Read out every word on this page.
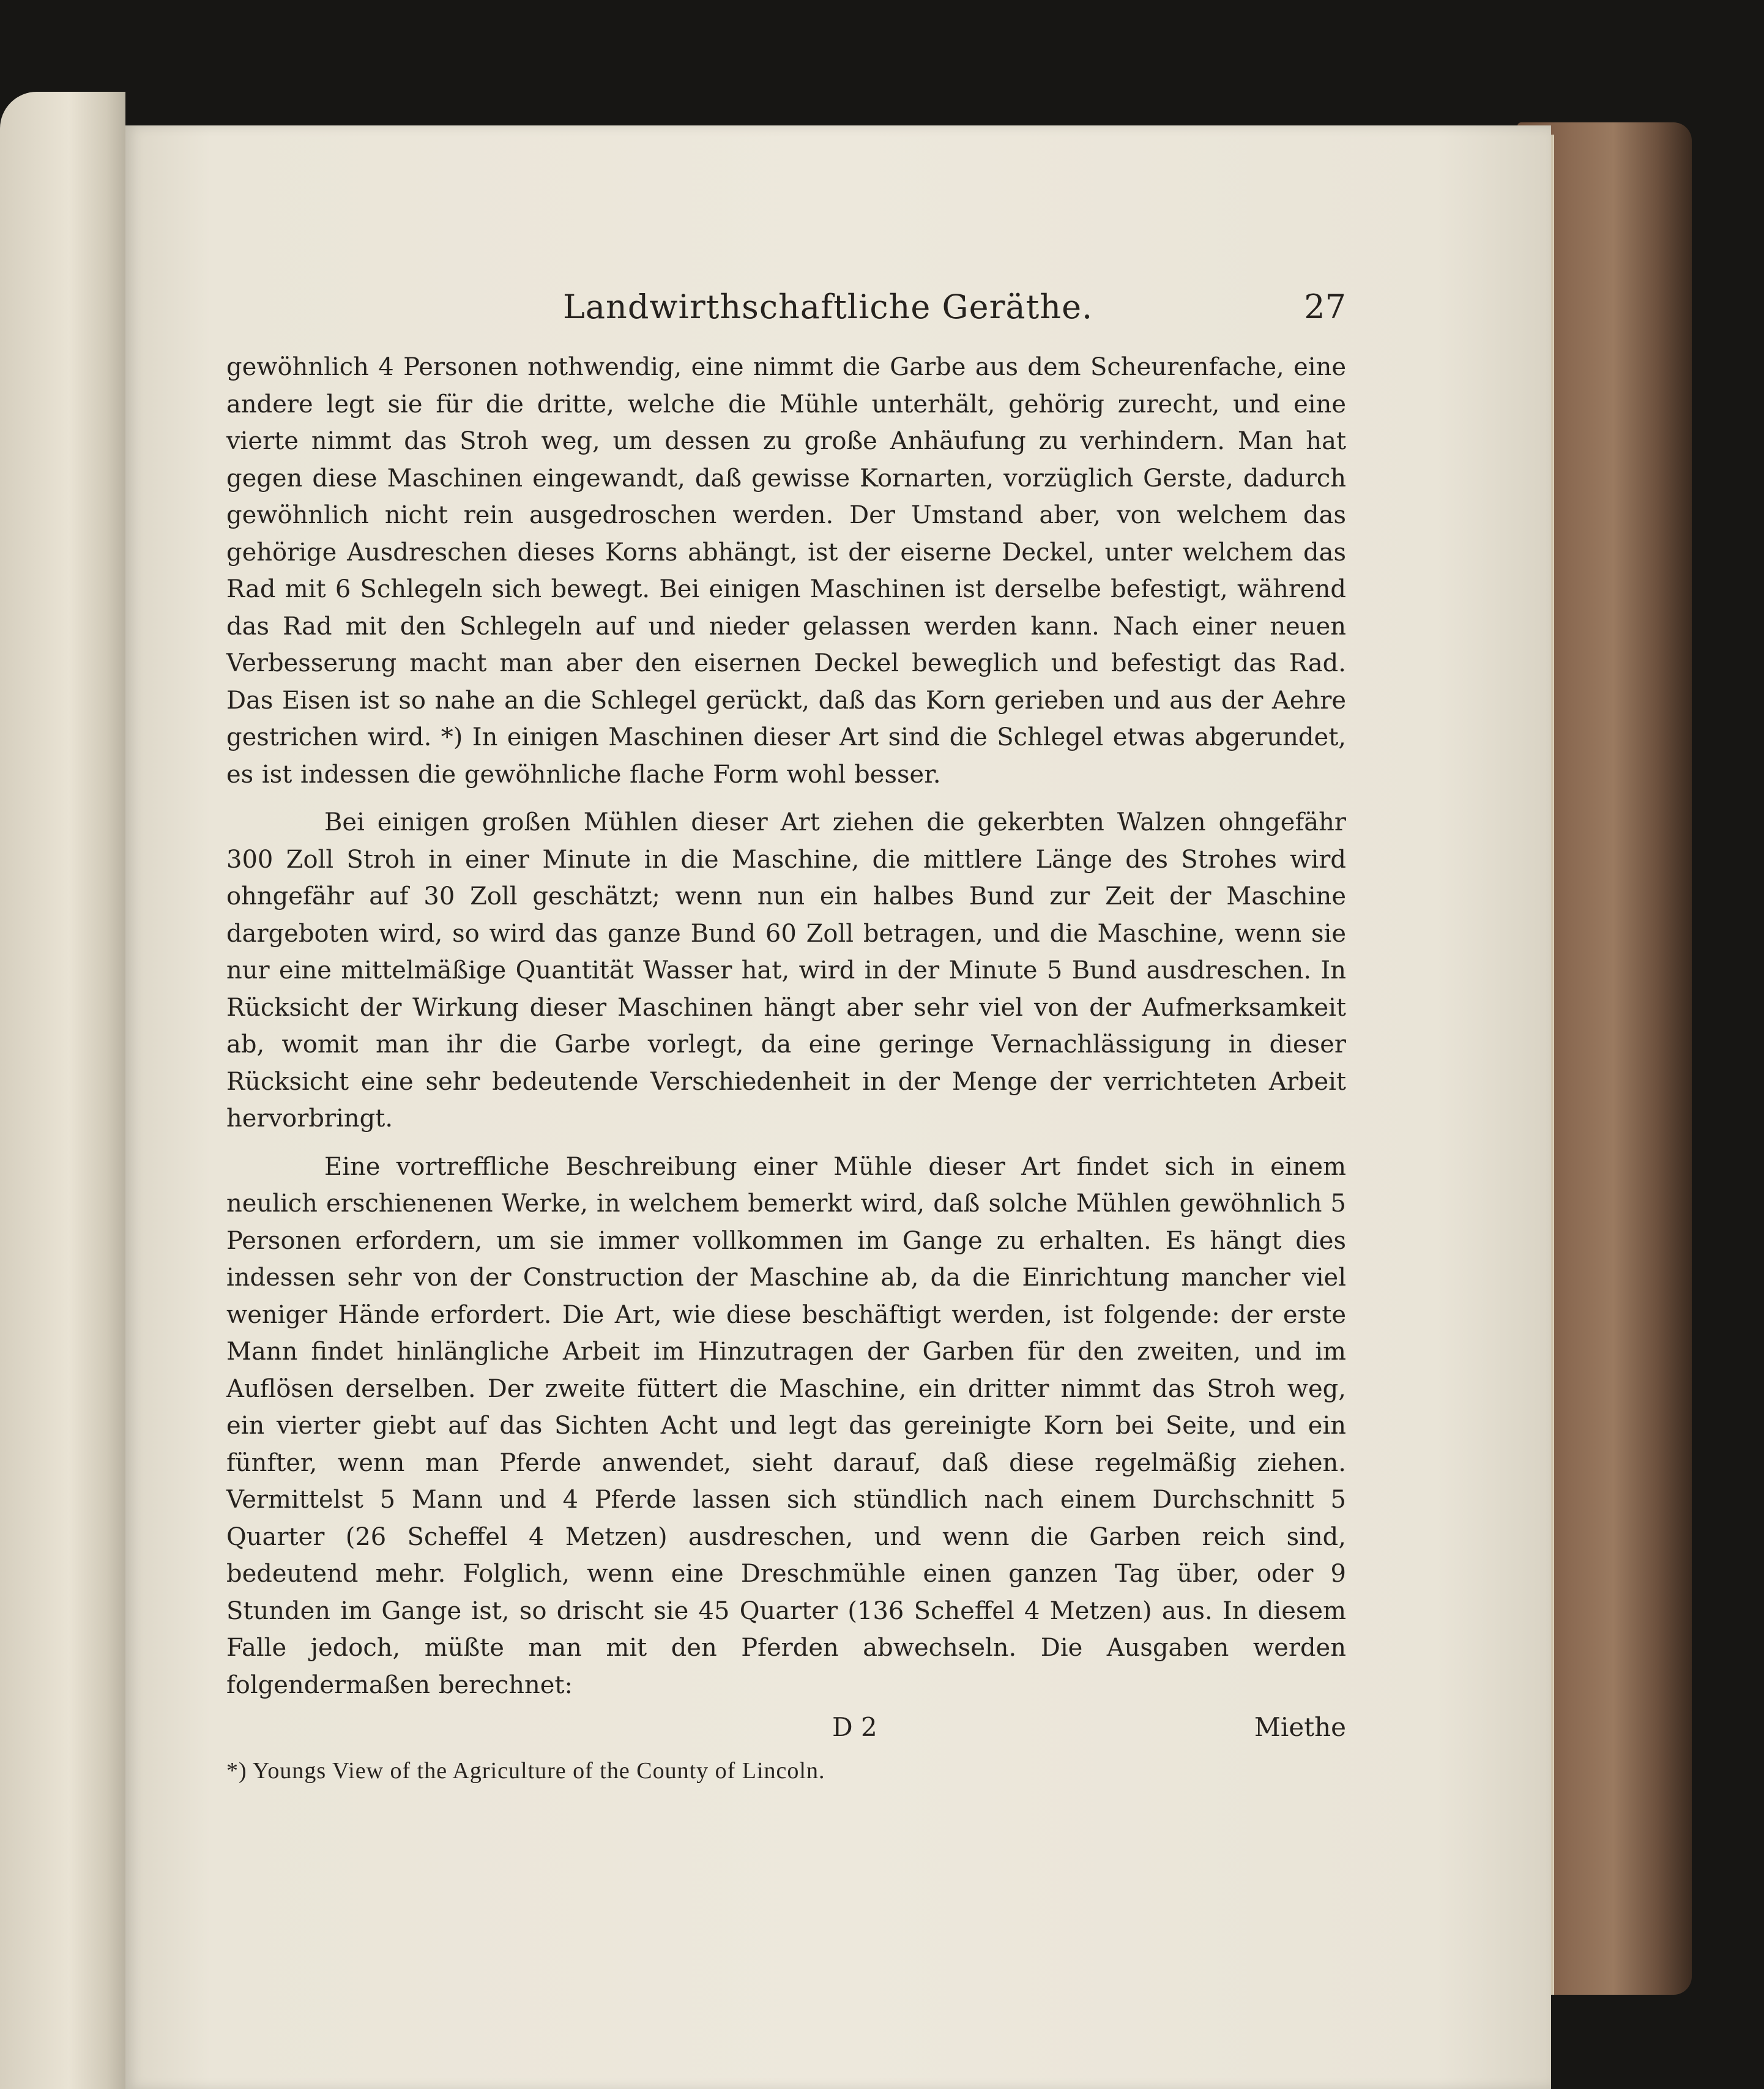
Landwirthschaftliche Geräthe.	27

gewöhnlich 4 Personen nothwendig, eine nimmt die Garbe aus dem Scheurenfache, eine andere legt sie für die dritte, welche die Mühle unterhält, gehörig zurecht, und eine vierte nimmt das Stroh weg, um dessen zu große Anhäufung zu verhindern. Man hat gegen diese Maschinen eingewandt, daß gewisse Kornarten, vorzüglich Gerste, dadurch gewöhnlich nicht rein ausgedroschen werden. Der Umstand aber, von welchem das gehörige Ausdreschen dieses Korns abhängt, ist der eiserne Deckel, unter welchem das Rad mit 6 Schlegeln sich bewegt. Bei einigen Maschinen ist derselbe befestigt, während das Rad mit den Schlegeln auf und nieder gelassen werden kann. Nach einer neuen Verbesserung macht man aber den eisernen Deckel beweglich und befestigt das Rad. Das Eisen ist so nahe an die Schlegel gerückt, daß das Korn gerieben und aus der Aehre gestrichen wird. *) In einigen Maschinen dieser Art sind die Schlegel etwas abgerundet, es ist indessen die gewöhnliche flache Form wohl besser.

Bei einigen großen Mühlen dieser Art ziehen die gekerbten Walzen ohngefähr 300 Zoll Stroh in einer Minute in die Maschine, die mittlere Länge des Strohes wird ohngefähr auf 30 Zoll geschätzt; wenn nun ein halbes Bund zur Zeit der Maschine dargeboten wird, so wird das ganze Bund 60 Zoll betragen, und die Maschine, wenn sie nur eine mittelmäßige Quantität Wasser hat, wird in der Minute 5 Bund ausdreschen. In Rücksicht der Wirkung dieser Maschinen hängt aber sehr viel von der Aufmerksamkeit ab, womit man ihr die Garbe vorlegt, da eine geringe Vernachlässigung in dieser Rücksicht eine sehr bedeutende Verschiedenheit in der Menge der verrichteten Arbeit hervorbringt.

Eine vortreffliche Beschreibung einer Mühle dieser Art findet sich in einem neulich erschienenen Werke, in welchem bemerkt wird, daß solche Mühlen gewöhnlich 5 Personen erfordern, um sie immer vollkommen im Gange zu erhalten. Es hängt dies indessen sehr von der Construction der Maschine ab, da die Einrichtung mancher viel weniger Hände erfordert. Die Art, wie diese beschäftigt werden, ist folgende: der erste Mann findet hinlängliche Arbeit im Hinzutragen der Garben für den zweiten, und im Auflösen derselben. Der zweite füttert die Maschine, ein dritter nimmt das Stroh weg, ein vierter giebt auf das Sichten Acht und legt das gereinigte Korn bei Seite, und ein fünfter, wenn man Pferde anwendet, sieht darauf, daß diese regelmäßig ziehen. Vermittelst 5 Mann und 4 Pferde lassen sich stündlich nach einem Durchschnitt 5 Quarter (26 Scheffel 4 Metzen) ausdreschen, und wenn die Garben reich sind, bedeutend mehr. Folglich, wenn eine Dreschmühle einen ganzen Tag über, oder 9 Stunden im Gange ist, so drischt sie 45 Quarter (136 Scheffel 4 Metzen) aus. In diesem Falle jedoch, müßte man mit den Pferden abwechseln. Die Ausgaben werden folgendermaßen berechnet:

D 2	Miethe
*) Youngs View of the Agriculture of the County of Lincoln.
